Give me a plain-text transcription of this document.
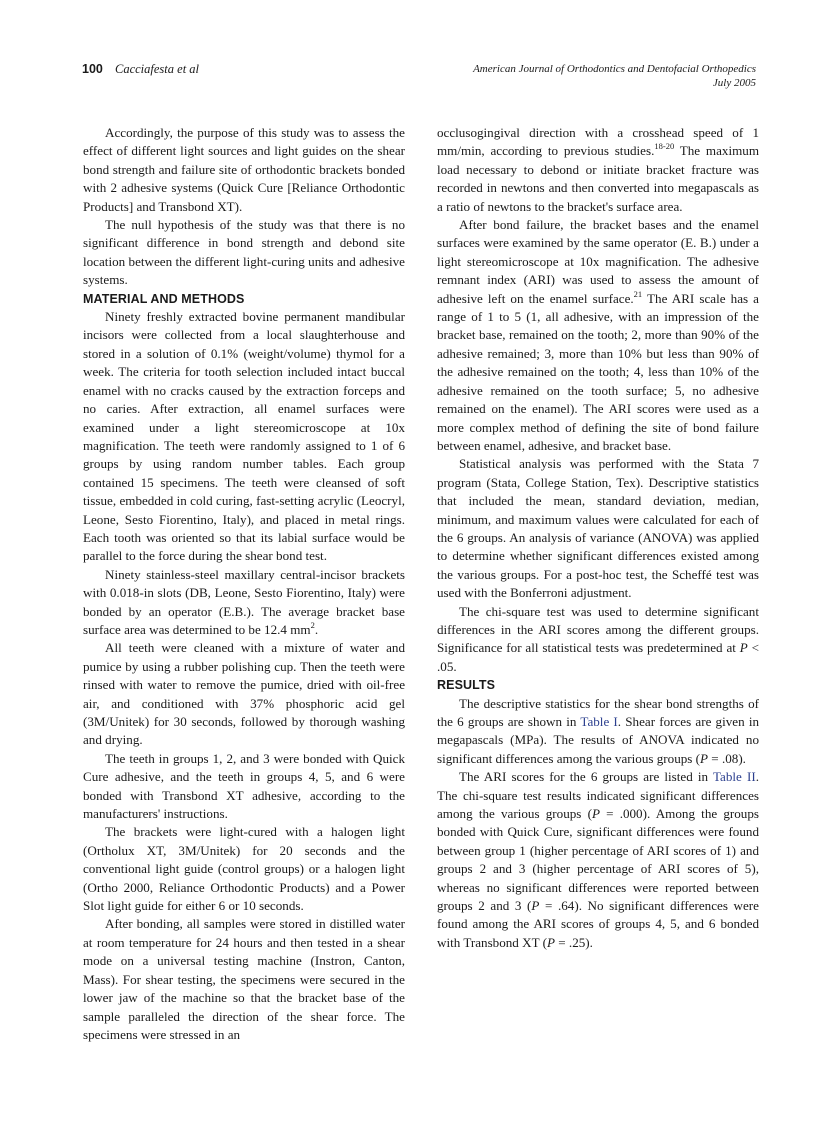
100 Cacciafesta et al	American Journal of Orthodontics and Dentofacial Orthopedics
July 2005

Accordingly, the purpose of this study was to assess the effect of different light sources and light guides on the shear bond strength and failure site of orthodontic brackets bonded with 2 adhesive systems (Quick Cure [Reliance Orthodontic Products] and Transbond XT).

The null hypothesis of the study was that there is no significant difference in bond strength and debond site location between the different light-curing units and adhesive systems.

MATERIAL AND METHODS

Ninety freshly extracted bovine permanent mandibular incisors were collected from a local slaughterhouse and stored in a solution of 0.1% (weight/volume) thymol for a week. The criteria for tooth selection included intact buccal enamel with no cracks caused by the extraction forceps and no caries. After extraction, all enamel surfaces were examined under a light stereomicroscope at 10x magnification. The teeth were randomly assigned to 1 of 6 groups by using random number tables. Each group contained 15 specimens. The teeth were cleansed of soft tissue, embedded in cold curing, fast-setting acrylic (Leocryl, Leone, Sesto Fiorentino, Italy), and placed in metal rings. Each tooth was oriented so that its labial surface would be parallel to the force during the shear bond test.

Ninety stainless-steel maxillary central-incisor brackets with 0.018-in slots (DB, Leone, Sesto Fiorentino, Italy) were bonded by an operator (E.B.). The average bracket base surface area was determined to be 12.4 $mm^2$.

All teeth were cleaned with a mixture of water and pumice by using a rubber polishing cup. Then the teeth were rinsed with water to remove the pumice, dried with oil-free air, and conditioned with 37% phosphoric acid gel (3M/Unitek) for 30 seconds, followed by thorough washing and drying.

The teeth in groups 1, 2, and 3 were bonded with Quick Cure adhesive, and the teeth in groups 4, 5, and 6 were bonded with Transbond XT adhesive, according to the manufacturers' instructions.

The brackets were light-cured with a halogen light (Ortholux XT, 3M/Unitek) for 20 seconds and the conventional light guide (control groups) or a halogen light (Ortho 2000, Reliance Orthodontic Products) and a Power Slot light guide for either 6 or 10 seconds.

After bonding, all samples were stored in distilled water at room temperature for 24 hours and then tested in a shear mode on a universal testing machine (Instron, Canton, Mass). For shear testing, the specimens were secured in the lower jaw of the machine so that the bracket base of the sample paralleled the direction of the shear force. The specimens were stressed in an

occlusogingival direction with a crosshead speed of 1 mm/min, according to previous studies.$^{18-20}$ The maximum load necessary to debond or initiate bracket fracture was recorded in newtons and then converted into megapascals as a ratio of newtons to the bracket's surface area.

After bond failure, the bracket bases and the enamel surfaces were examined by the same operator (E. B.) under a light stereomicroscope at 10x magnification. The adhesive remnant index (ARI) was used to assess the amount of adhesive left on the enamel surface.$^{21}$ The ARI scale has a range of 1 to 5 (1, all adhesive, with an impression of the bracket base, remained on the tooth; 2, more than 90% of the adhesive remained; 3, more than 10% but less than 90% of the adhesive remained on the tooth; 4, less than 10% of the adhesive remained on the tooth surface; 5, no adhesive remained on the enamel). The ARI scores were used as a more complex method of defining the site of bond failure between enamel, adhesive, and bracket base.

Statistical analysis was performed with the Stata 7 program (Stata, College Station, Tex). Descriptive statistics that included the mean, standard deviation, median, minimum, and maximum values were calculated for each of the 6 groups. An analysis of variance (ANOVA) was applied to determine whether significant differences existed among the various groups. For a post-hoc test, the Scheffé test was used with the Bonferroni adjustment.

The chi-square test was used to determine significant differences in the ARI scores among the different groups. Significance for all statistical tests was predetermined at P < .05.

RESULTS

The descriptive statistics for the shear bond strengths of the 6 groups are shown in Table I. Shear forces are given in megapascals (MPa). The results of ANOVA indicated no significant differences among the various groups (P = .08).

The ARI scores for the 6 groups are listed in Table II. The chi-square test results indicated significant differences among the various groups (P = .000). Among the groups bonded with Quick Cure, significant differences were found between group 1 (higher percentage of ARI scores of 1) and groups 2 and 3 (higher percentage of ARI scores of 5), whereas no significant differences were reported between groups 2 and 3 (P = .64). No significant differences were found among the ARI scores of groups 4, 5, and 6 bonded with Transbond XT (P = .25).
